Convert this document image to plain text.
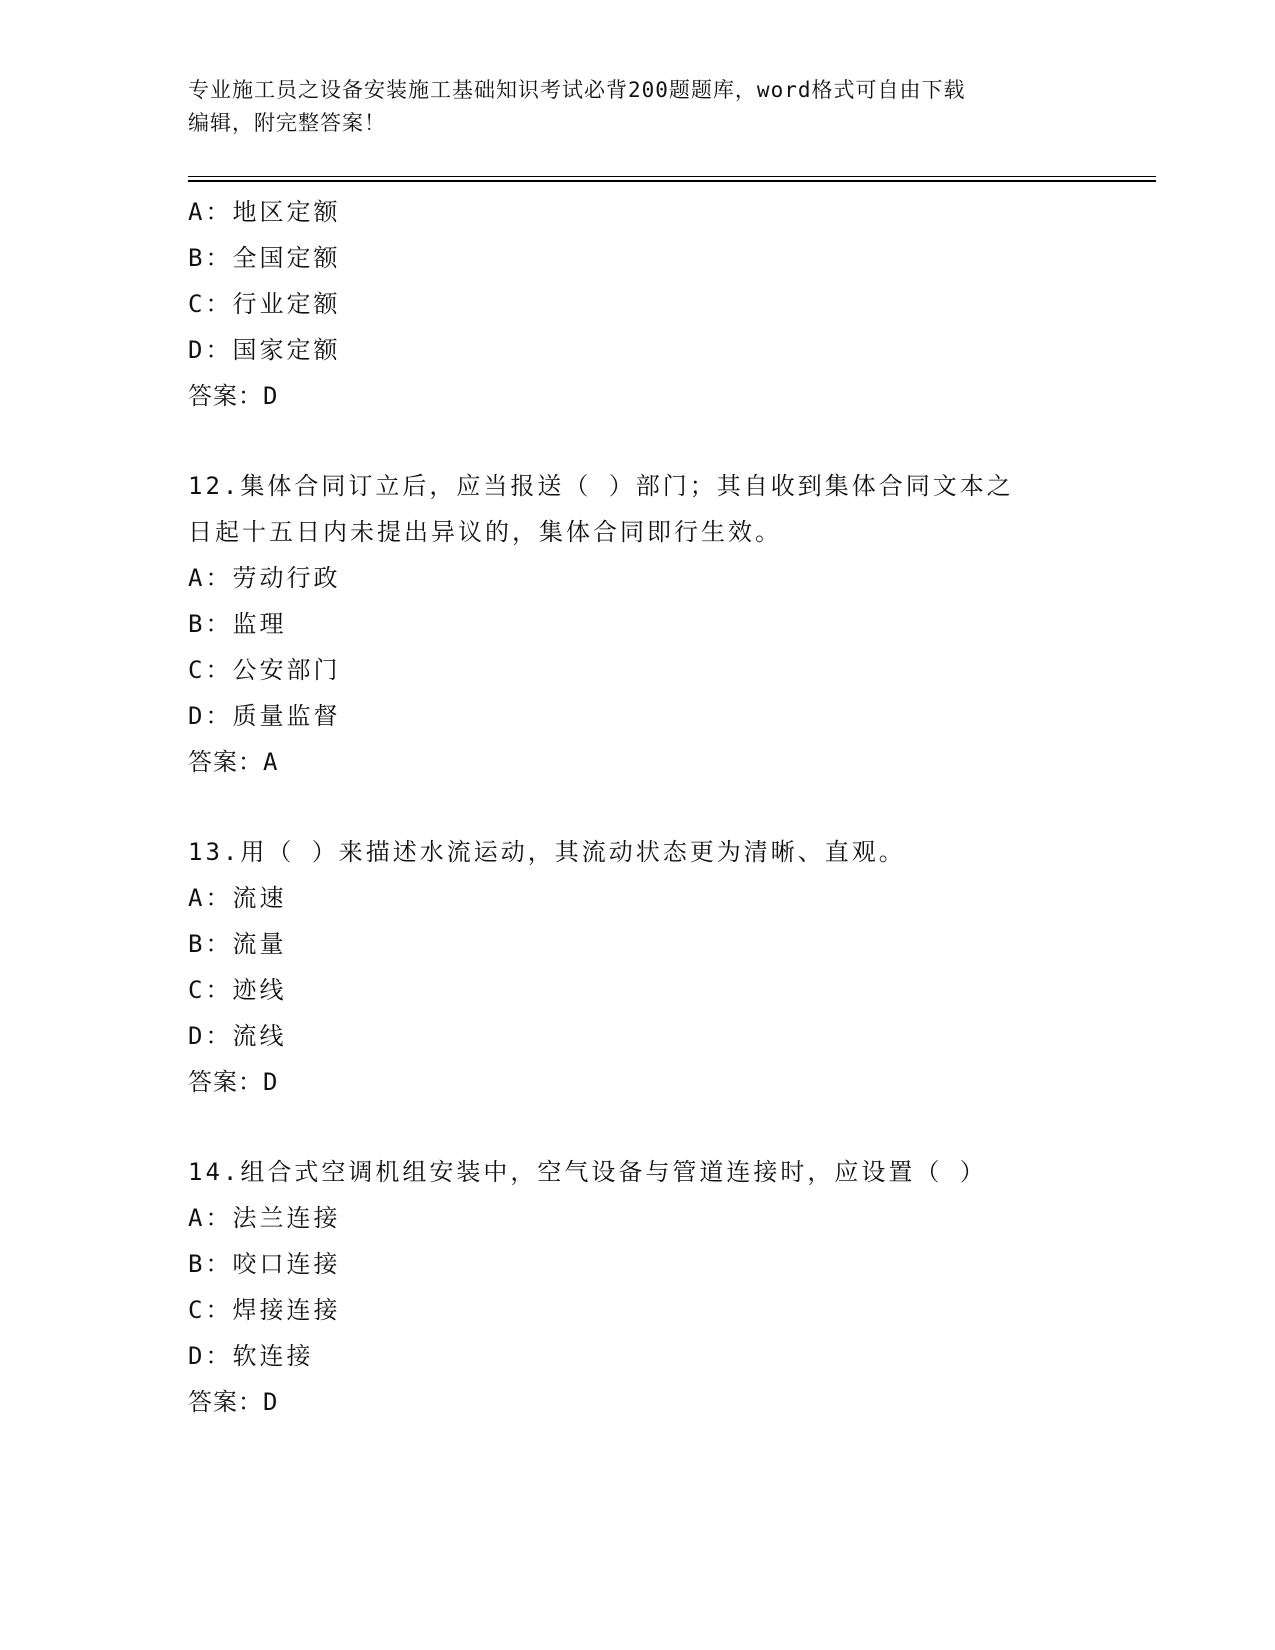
专业施工员之设备安装施工基础知识考试必背200题题库，word格式可自由下载
编辑，附完整答案！
A：地区定额
B：全国定额
C：行业定额
D：国家定额
答案：D
12.集体合同订立后，应当报送（ ）部门；其自收到集体合同文本之
日起十五日内未提出异议的，集体合同即行生效。
A：劳动行政
B：监理
C：公安部门
D：质量监督
答案：A
13.用（ ）来描述水流运动，其流动状态更为清晰、直观。
A：流速
B：流量
C：迹线
D：流线
答案：D
14.组合式空调机组安装中，空气设备与管道连接时，应设置（ ）
A：法兰连接
B：咬口连接
C：焊接连接
D：软连接
答案：D
